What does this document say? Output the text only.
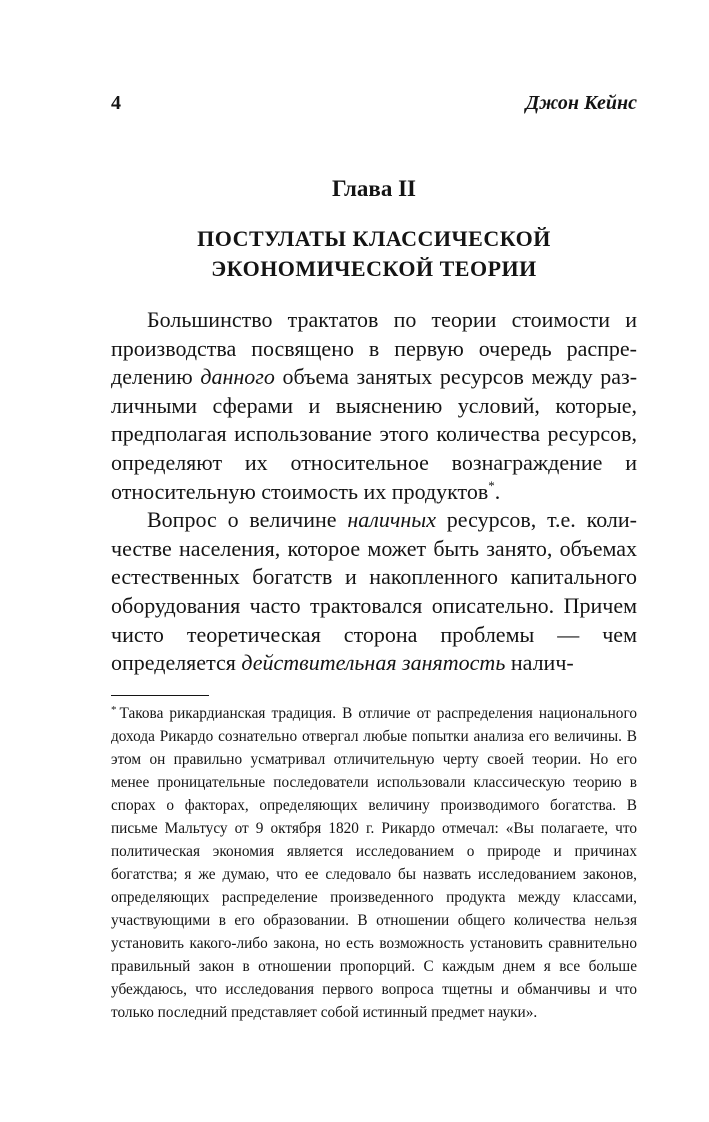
4	Джон Кейнс
Глава II
ПОСТУЛАТЫ КЛАССИЧЕСКОЙ
ЭКОНОМИЧЕСКОЙ ТЕОРИИ

Большинство трактатов по теории стоимости и производства посвящено в первую очередь распределению данного объема занятых ресурсов между различными сферами и выяснению условий, которые, предполагая использование этого количества ресурсов, определяют их относительное вознаграждение и относительную стоимость их продуктов*.

Вопрос о величине наличных ресурсов, т.е. количестве населения, которое может быть занято, объемах естественных богатств и накопленного капитального оборудования часто трактовался описательно. Причем чисто теоретическая сторона проблемы — чем определяется действительная занятость налич-

* Такова рикардианская традиция. В отличие от распределения национального дохода Рикардо сознательно отвергал любые попытки анализа его величины. В этом он правильно усматривал отличительную черту своей теории. Но его менее проницательные последователи использовали классическую теорию в спорах о факторах, определяющих величину производимого богатства. В письме Мальтусу от 9 октября 1820 г. Рикардо отмечал: «Вы полагаете, что политическая экономия является исследованием о природе и причинах богатства; я же думаю, что ее следовало бы назвать исследованием законов, определяющих распределение произведенного продукта между классами, участвующими в его образовании. В отношении общего количества нельзя установить какого-либо закона, но есть возможность установить сравнительно правильный закон в отношении пропорций. С каждым днем я все больше убеждаюсь, что исследования первого вопроса тщетны и обманчивы и что только последний представляет собой истинный предмет науки».
